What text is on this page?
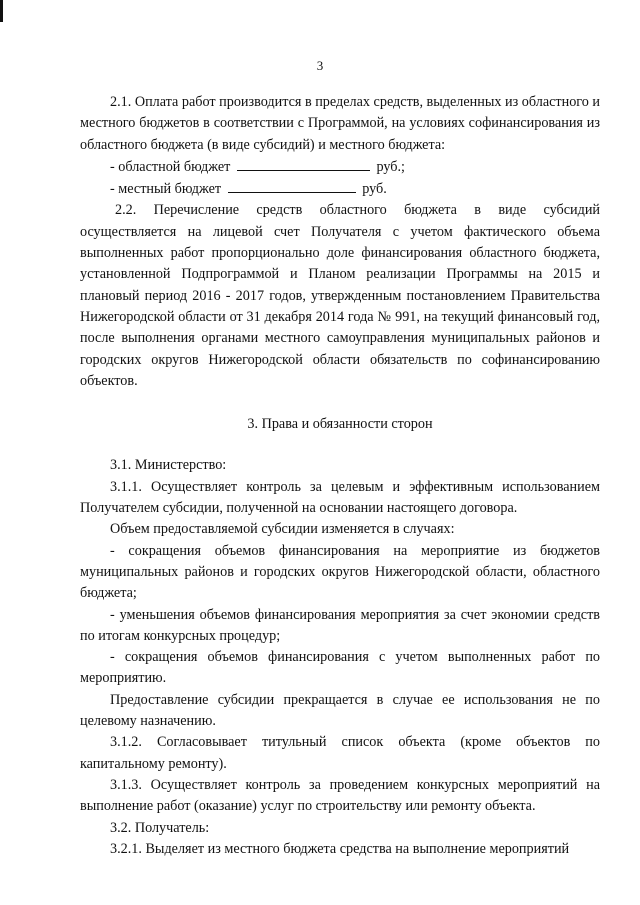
3

2.1. Оплата работ производится в пределах средств, выделенных из областного и местного бюджетов в соответствии с Программой, на условиях софинансирования из областного бюджета (в виде субсидий) и местного бюджета:

- областной бюджет	руб.;

- местный бюджет	руб.

2.2. Перечисление средств областного бюджета в виде субсидий осуществляется на лицевой счет Получателя с учетом фактического объема выполненных работ пропорционально доле финансирования областного бюджета, установленной Подпрограммой и Планом реализации Программы на 2015 и плановый период 2016 - 2017 годов, утвержденным постановлением Правительства Нижегородской области от 31 декабря 2014 года № 991, на текущий финансовый год, после выполнения органами местного самоуправления муниципальных районов и городских округов Нижегородской области обязательств по софинансированию объектов.

3. Права и обязанности сторон

3.1. Министерство:

3.1.1. Осуществляет контроль за целевым и эффективным использованием Получателем субсидии, полученной на основании настоящего договора.

Объем предоставляемой субсидии изменяется в случаях:

- сокращения объемов финансирования на мероприятие из бюджетов муниципальных районов и городских округов Нижегородской области, областного бюджета;

- уменьшения объемов финансирования мероприятия за счет экономии средств по итогам конкурсных процедур;

- сокращения объемов финансирования с учетом выполненных работ по мероприятию.

Предоставление субсидии прекращается в случае ее использования не по целевому назначению.

3.1.2. Согласовывает титульный список объекта (кроме объектов по капитальному ремонту).

3.1.3. Осуществляет контроль за проведением конкурсных мероприятий на выполнение работ (оказание) услуг по строительству или ремонту объекта.

3.2. Получатель:

3.2.1. Выделяет из местного бюджета средства на выполнение мероприятий
